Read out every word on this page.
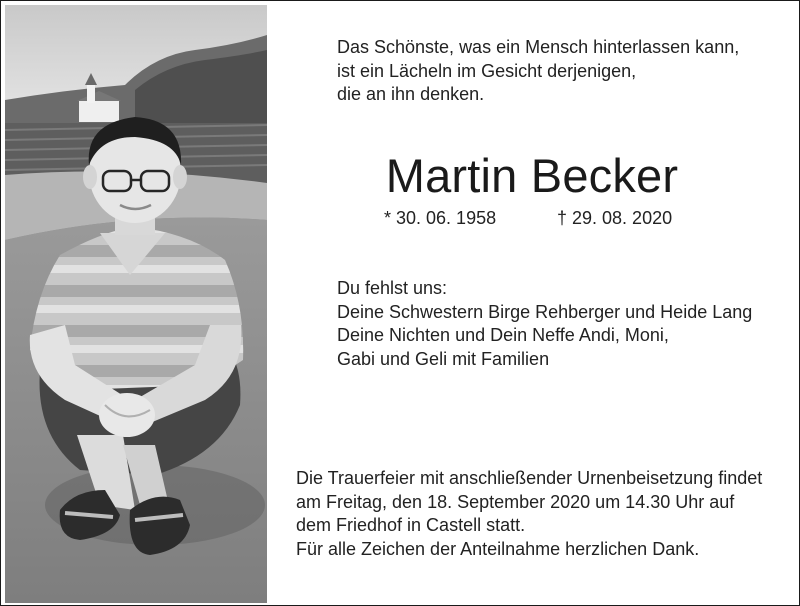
Das Schönste, was ein Mensch hinterlassen kann,
ist ein Lächeln im Gesicht derjenigen,
die an ihn denken.
Martin Becker
* 30. 06. 1958	† 29. 08. 2020
Du fehlst uns:
Deine Schwestern Birge Rehberger und Heide Lang
Deine Nichten und Dein Neffe Andi, Moni,
Gabi und Geli mit Familien
Die Trauerfeier mit anschließender Urnenbeisetzung findet
am Freitag, den 18. September 2020 um 14.30 Uhr auf
dem Friedhof in Castell statt.
Für alle Zeichen der Anteilnahme herzlichen Dank.
